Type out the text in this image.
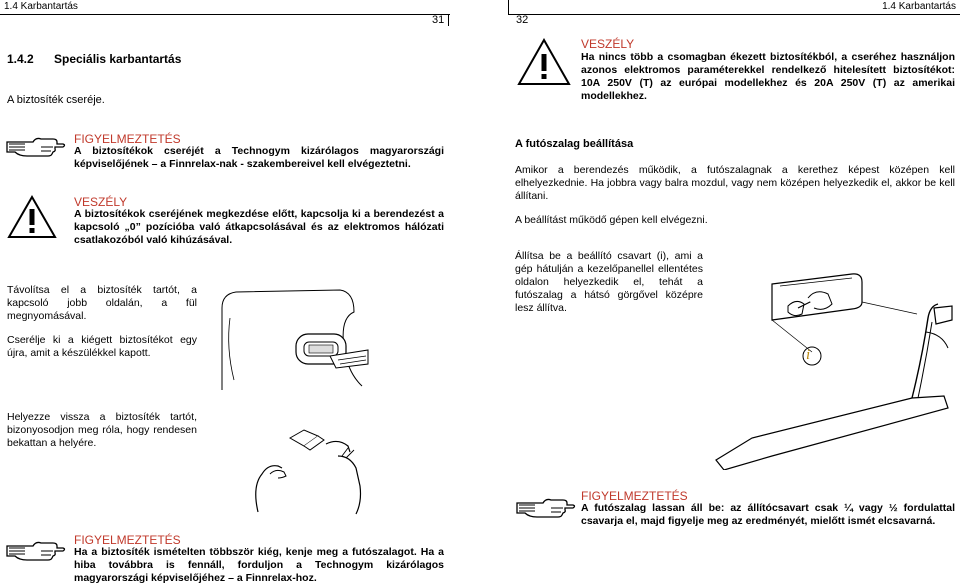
1.4 Karbantartás
31
1.4.2 Speciális karbantartás
A biztosíték cseréje.
FIGYELMEZTETÉS
A biztosítékok cseréjét a Technogym kizárólagos magyarországi képviselőjének – a Finnrelax-nak - szakembereivel kell elvégeztetni.
VESZÉLY
A biztosítékok cseréjének megkezdése előtt, kapcsolja ki a berendezést a kapcsoló „0” pozícióba való átkapcsolásával és az elektromos hálózati csatlakozóból való kihúzásával.
Távolítsa el a biztosíték tartót, a kapcsoló jobb oldalán, a fül megnyomásával.
Cserélje ki a kiégett biztosítékot egy újra, amit a készülékkel kapott.
Helyezze vissza a biztosíték tartót, bizonyosodjon meg róla, hogy rendesen bekattan a helyére.
FIGYELMEZTETÉS
Ha a biztosíték ismételten többször kiég, kenje meg a futószalagot. Ha a hiba továbbra is fennáll, forduljon a Technogym kizárólagos magyarországi képviselőjéhez – a Finnrelax-hoz.
32
1.4 Karbantartás
VESZÉLY
Ha nincs több a csomagban ékezett biztosítékból, a cseréhez használjon azonos elektromos paraméterekkel rendelkező hitelesített biztosítékot: 10A 250V (T) az európai modellekhez és 20A 250V (T) az amerikai modellekhez.
A futószalag beállítása
Amikor a berendezés működik, a futószalagnak a kerethez képest középen kell elhelyezkednie. Ha jobbra vagy balra mozdul, vagy nem középen helyezkedik el, akkor be kell állítani.
A beállítást működő gépen kell elvégezni.
Állítsa be a beállító csavart (i), ami a gép hátulján a kezelőpanellel ellentétes oldalon helyezkedik el, tehát a futószalag a hátsó görgővel középre lesz állítva.
i
FIGYELMEZTETÉS
A futószalag lassan áll be: az állítócsavart csak ¼ vagy ½ fordulattal csavarja el, majd figyelje meg az eredményét, mielőtt ismét elcsavarná.
